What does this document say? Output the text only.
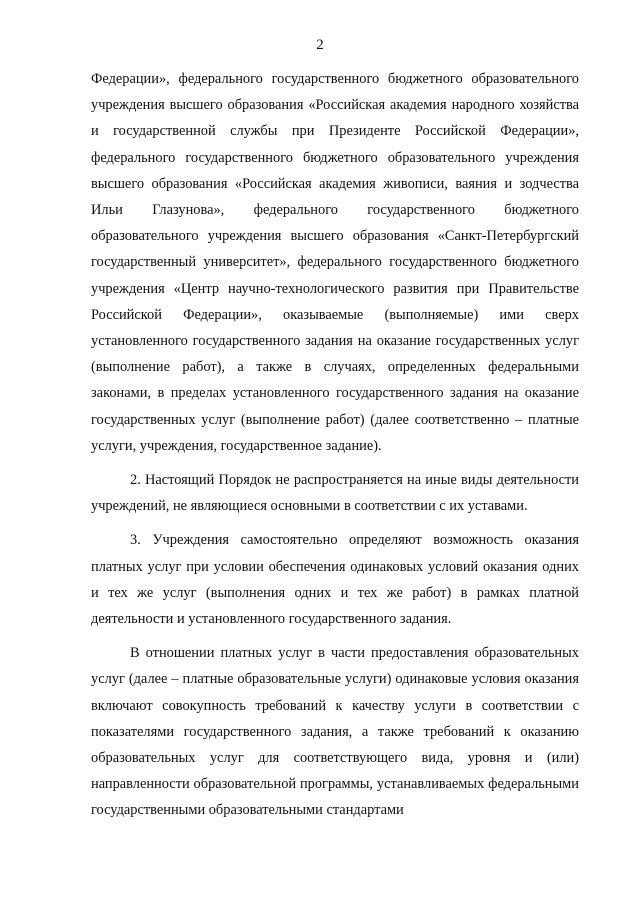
2

Федерации», федерального государственного бюджетного образовательного учреждения высшего образования «Российская академия народного хозяйства и государственной службы при Президенте Российской Федерации», федерального государственного бюджетного образовательного учреждения высшего образования «Российская академия живописи, ваяния и зодчества Ильи Глазунова», федерального государственного бюджетного образовательного учреждения высшего образования «Санкт-Петербургский государственный университет», федерального государственного бюджетного учреждения «Центр научно-технологического развития при Правительстве Российской Федерации», оказываемые (выполняемые) ими сверх установленного государственного задания на оказание государственных услуг (выполнение работ), а также в случаях, определенных федеральными законами, в пределах установленного государственного задания на оказание государственных услуг (выполнение работ) (далее соответственно – платные услуги, учреждения, государственное задание).

2. Настоящий Порядок не распространяется на иные виды деятельности учреждений, не являющиеся основными в соответствии с их уставами.

3. Учреждения самостоятельно определяют возможность оказания платных услуг при условии обеспечения одинаковых условий оказания одних и тех же услуг (выполнения одних и тех же работ) в рамках платной деятельности и установленного государственного задания.

В отношении платных услуг в части предоставления образовательных услуг (далее – платные образовательные услуги) одинаковые условия оказания включают совокупность требований к качеству услуги в соответствии с показателями государственного задания, а также требований к оказанию образовательных услуг для соответствующего вида, уровня и (или) направленности образовательной программы, устанавливаемых федеральными государственными образовательными стандартами
